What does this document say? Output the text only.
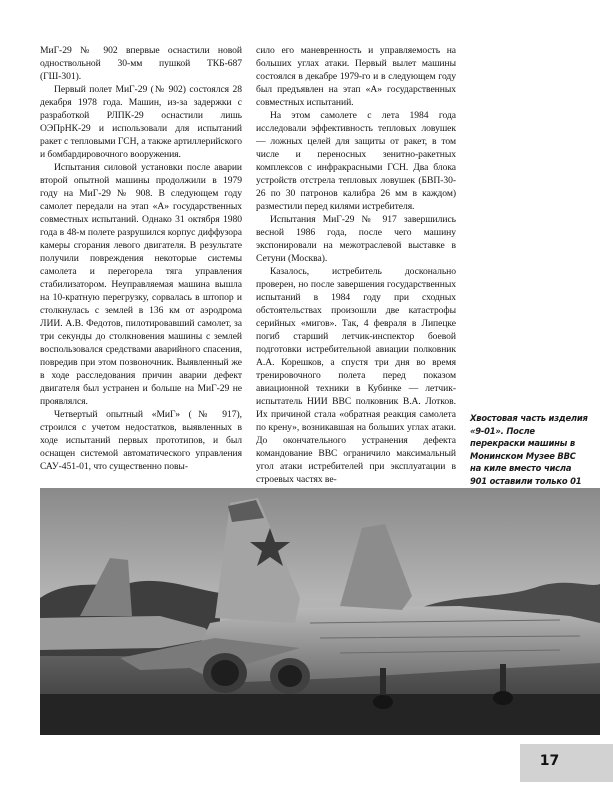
МиГ-29 № 902 впервые оснастили новой одноствольной 30-мм пушкой ТКБ-687 (ГШ-301).

Первый полет МиГ-29 (№ 902) состоялся 28 декабря 1978 года. Машин, из-за задержки с разработкой РЛПК-29 оснастили лишь ОЭПрНК-29 и использовали для испытаний ракет с тепловыми ГСН, а также артиллерийского и бомбардировочного вооружения.

Испытания силовой установки после аварии второй опытной машины продолжили в 1979 году на МиГ-29 № 908. В следующем году самолет передали на этап «А» государственных совместных испытаний. Однако 31 октября 1980 года в 48-м полете разрушился корпус диффузора камеры сгорания левого двигателя. В результате получили повреждения некоторые системы самолета и перегорела тяга управления стабилизатором. Неуправляемая машина вышла на 10-кратную перегрузку, сорвалась в штопор и столкнулась с землей в 136 км от аэродрома ЛИИ. А.В. Федотов, пилотировавший самолет, за три секунды до столкновения машины с землей воспользовался средствами аварийного спасения, повредив при этом позвоночник. Выявленный же в ходе расследования причин аварии дефект двигателя был устранен и больше на МиГ-29 не проявлялся.

Четвертый опытный «МиГ» (№ 917), строился с учетом недостатков, выявленных в ходе испытаний первых прототипов, и был оснащен системой автоматического управления САУ-451-01, что существенно повы-

сило его маневренность и управляемость на больших углах атаки. Первый вылет машины состоялся в декабре 1979-го и в следующем году был предъявлен на этап «А» государственных совместных испытаний.

На этом самолете с лета 1984 года исследовали эффективность тепловых ловушек — ложных целей для защиты от ракет, в том числе и переносных зенитно-ракетных комплексов с инфракрасными ГСН. Два блока устройств отстрела тепловых ловушек (БВП-30-26 по 30 патронов калибра 26 мм в каждом) разместили перед килями истребителя.

Испытания МиГ-29 № 917 завершились весной 1986 года, после чего машину экспонировали на межотраслевой выставке в Сетуни (Москва).

Казалось, истребитель досконально проверен, но после завершения государственных испытаний в 1984 году при сходных обстоятельствах произошли две катастрофы серийных «мигов». Так, 4 февраля в Липецке погиб старший летчик-инспектор боевой подготовки истребительной авиации полковник А.А. Корешков, а спустя три дня во время тренировочного полета перед показом авиационной техники в Кубинке — летчик-испытатель НИИ ВВС полковник В.А. Лотков. Их причиной стала «обратная реакция самолета по крену», возникавшая на больших углах атаки. До окончательного устранения дефекта командование ВВС ограничило максимальный угол атаки истребителей при эксплуатации в строевых частях ве-

Хвостовая часть изделия «9-01». После перекраски машины в Монинском Музее ВВС на киле вместо числа 901 оставили только 01
17
